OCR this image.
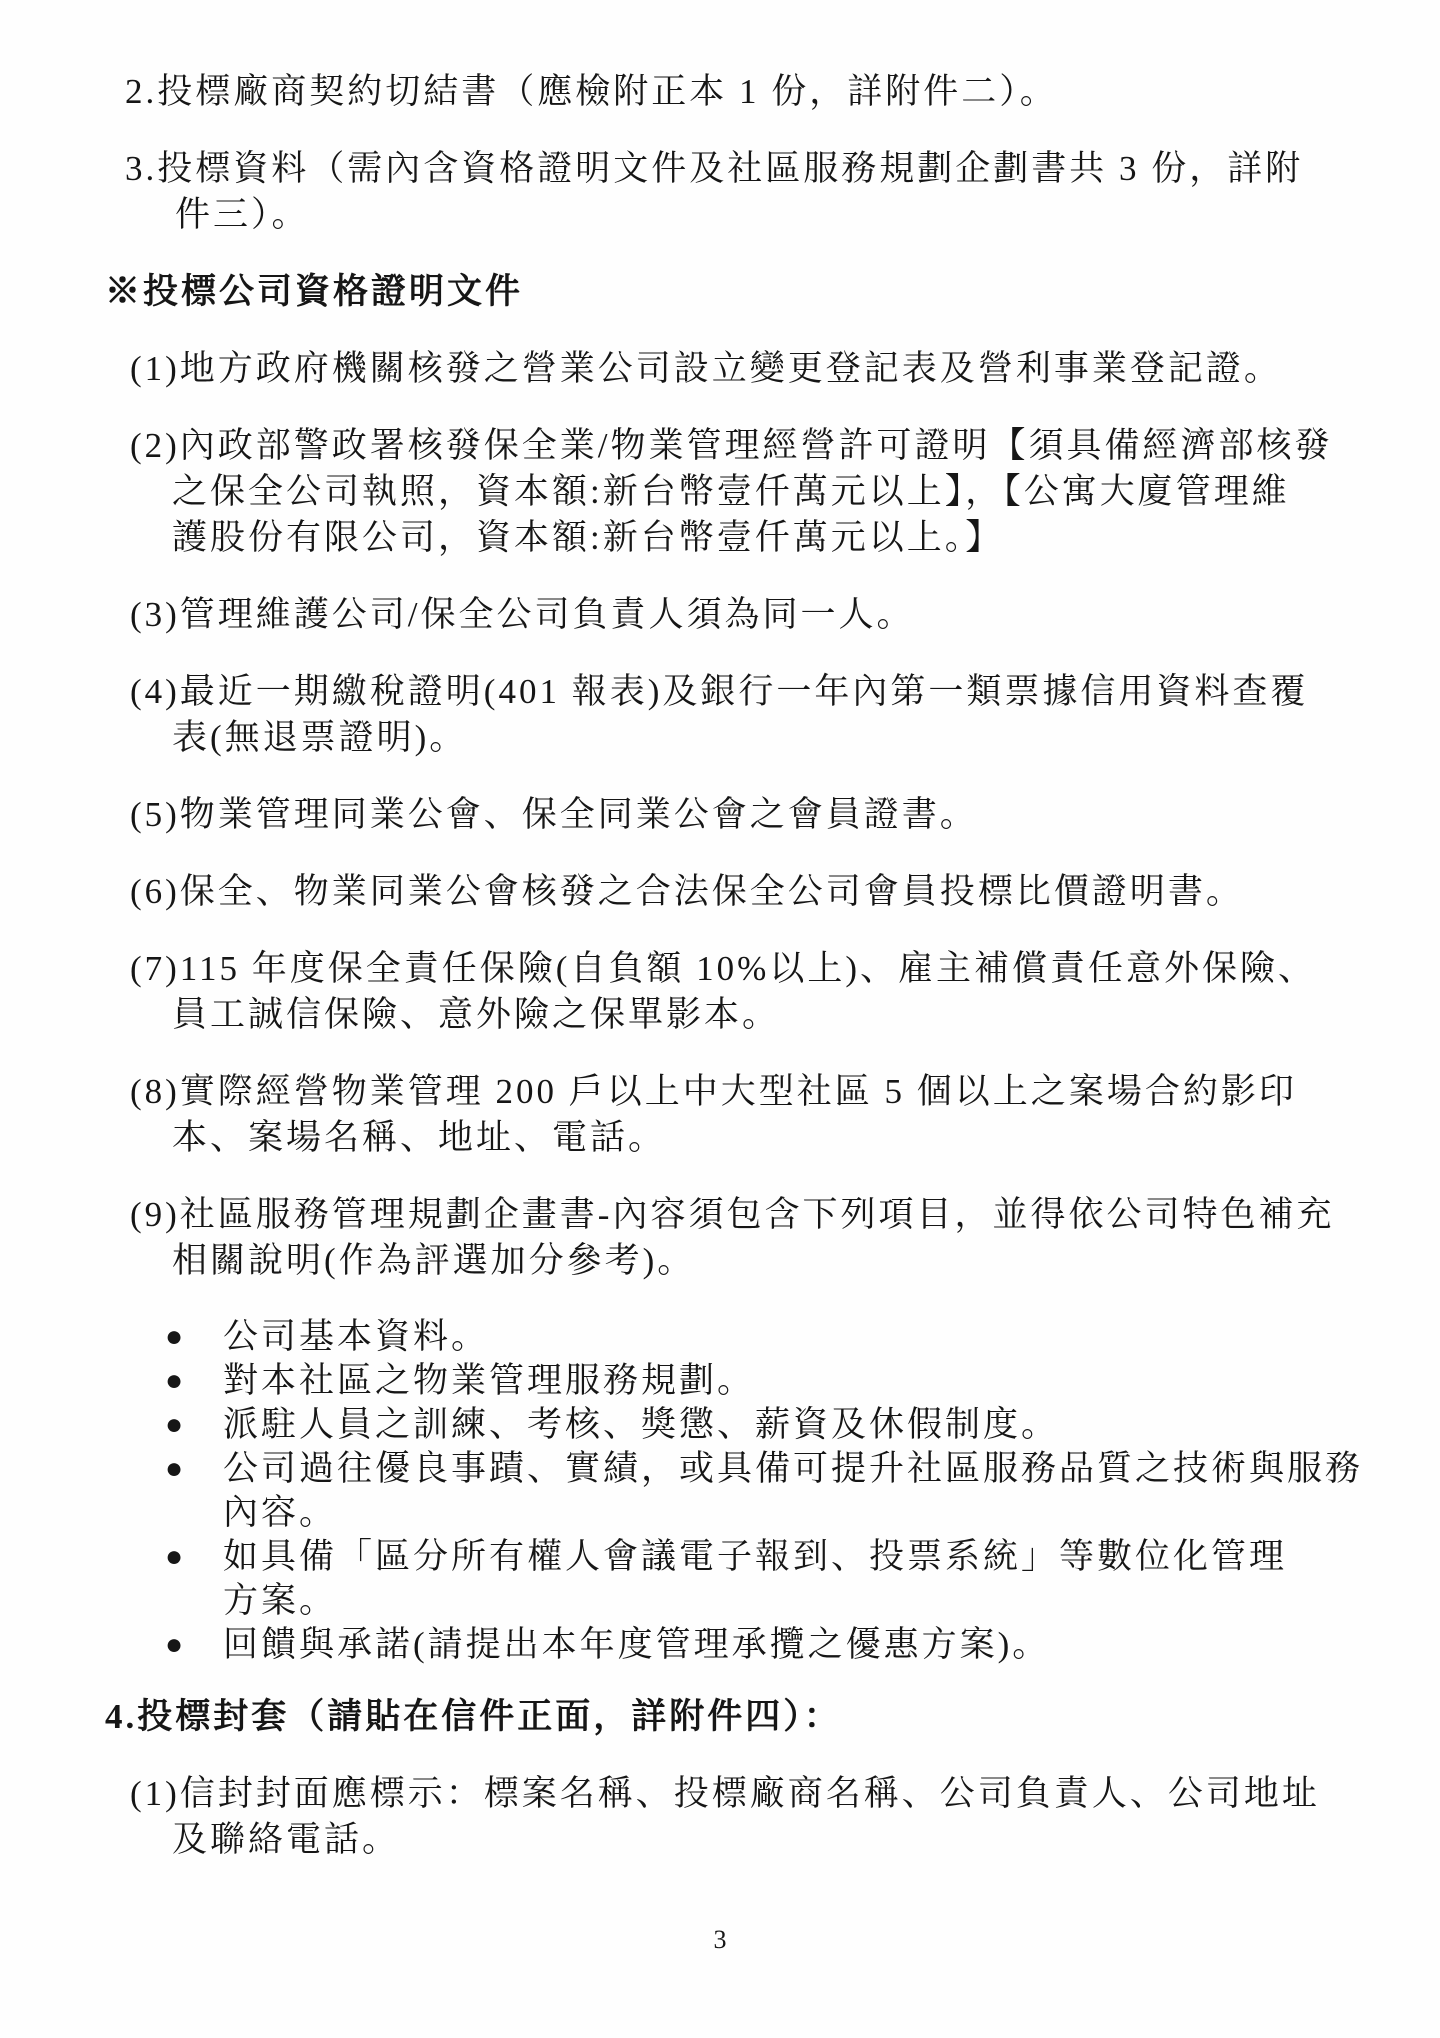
2.投標廠商契約切結書（應檢附正本 1 份，詳附件二）。
3.投標資料（需內含資格證明文件及社區服務規劃企劃書共 3 份，詳附
件三）。
※投標公司資格證明文件
(1)地方政府機關核發之營業公司設立變更登記表及營利事業登記證。
(2)內政部警政署核發保全業/物業管理經營許可證明【須具備經濟部核發
之保全公司執照，資本額:新台幣壹仟萬元以上】，【公寓大廈管理維
護股份有限公司，資本額:新台幣壹仟萬元以上。】
(3)管理維護公司/保全公司負責人須為同一人。
(4)最近一期繳稅證明(401 報表)及銀行一年內第一類票據信用資料查覆
表(無退票證明)。
(5)物業管理同業公會、保全同業公會之會員證書。
(6)保全、物業同業公會核發之合法保全公司會員投標比價證明書。
(7)115 年度保全責任保險(自負額 10%以上)、雇主補償責任意外保險、
員工誠信保險、意外險之保單影本。
(8)實際經營物業管理 200 戶以上中大型社區 5 個以上之案場合約影印
本、案場名稱、地址、電話。
(9)社區服務管理規劃企畫書-內容須包含下列項目，並得依公司特色補充
相關說明(作為評選加分參考)。
●	公司基本資料。
●	對本社區之物業管理服務規劃。
●	派駐人員之訓練、考核、獎懲、薪資及休假制度。
●	公司過往優良事蹟、實績，或具備可提升社區服務品質之技術與服務
內容。
●	如具備「區分所有權人會議電子報到、投票系統」等數位化管理
方案。
●	回饋與承諾(請提出本年度管理承攬之優惠方案)。
4.投標封套（請貼在信件正面，詳附件四）：
(1)信封封面應標示：標案名稱、投標廠商名稱、公司負責人、公司地址
及聯絡電話。
3
